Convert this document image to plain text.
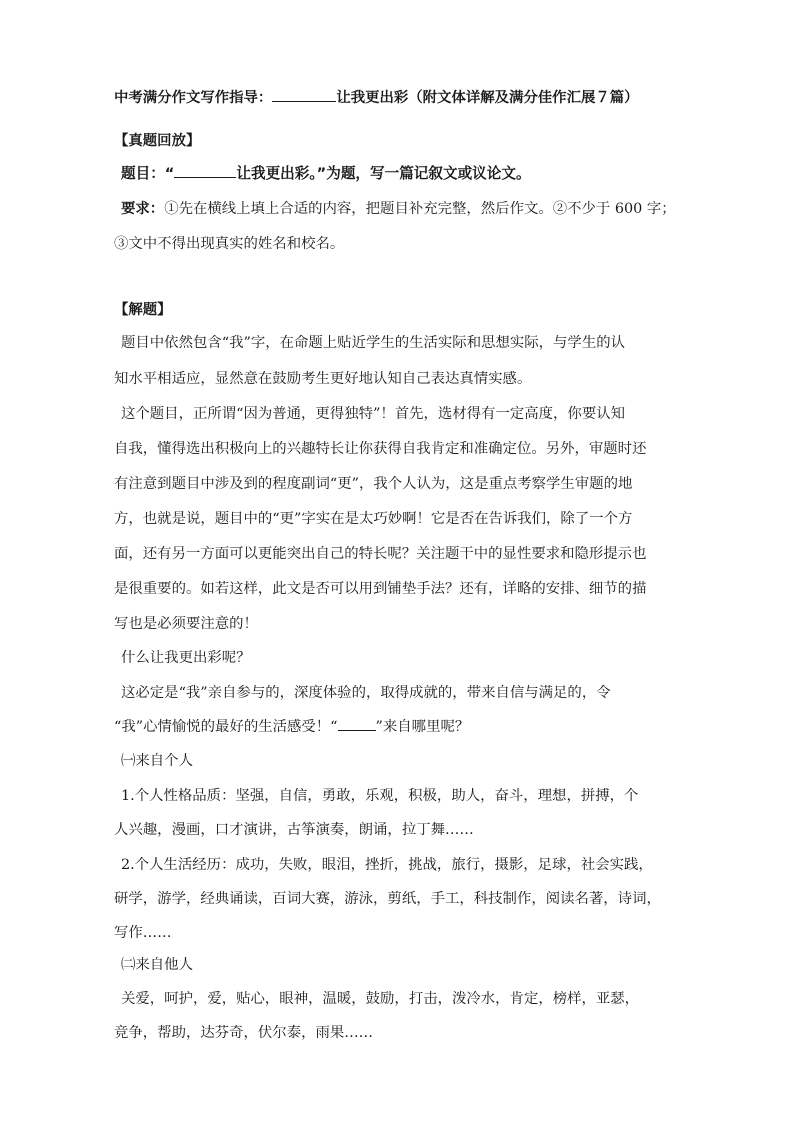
中考满分作文写作指导：	让我更出彩（附文体详解及满分佳作汇展７篇）
【真题回放】
题目：“	让我更出彩。”为题，写一篇记叙文或议论文。
要求：①先在横线上填上合适的内容，把题目补充完整，然后作文。②不少于 600 字；
③文中不得出现真实的姓名和校名。
【解题】
题目中依然包含“我”字，在命题上贴近学生的生活实际和思想实际，与学生的认
知水平相适应，显然意在鼓励考生更好地认知自己表达真情实感。
这个题目，正所谓“因为普通，更得独特”！首先，选材得有一定高度，你要认知
自我，懂得选出积极向上的兴趣特长让你获得自我肯定和准确定位。另外，审题时还
有注意到题目中涉及到的程度副词“更”，我个人认为，这是重点考察学生审题的地
方，也就是说，题目中的“更”字实在是太巧妙啊！它是否在告诉我们，除了一个方
面，还有另一方面可以更能突出自己的特长呢？关注题干中的显性要求和隐形提示也
是很重要的。如若这样，此文是否可以用到铺垫手法？还有，详略的安排、细节的描
写也是必须要注意的！
什么让我更出彩呢？
这必定是“我”亲自参与的，深度体验的，取得成就的，带来自信与满足的，令
“我”心情愉悦的最好的生活感受！“	”来自哪里呢？
㈠来自个人
1.个人性格品质：坚强，自信，勇敢，乐观，积极，助人，奋斗，理想，拼搏，个
人兴趣，漫画，口才演讲，古筝演奏，朗诵，拉丁舞……
2.个人生活经历：成功，失败，眼泪，挫折，挑战，旅行，摄影，足球，社会实践，
研学，游学，经典诵读，百词大赛，游泳，剪纸，手工，科技制作，阅读名著，诗词，
写作……
㈡来自他人
关爱，呵护，爱，贴心，眼神，温暖，鼓励，打击，泼冷水，肯定，榜样，亚瑟，
竞争，帮助，达芬奇，伏尔泰，雨果……
